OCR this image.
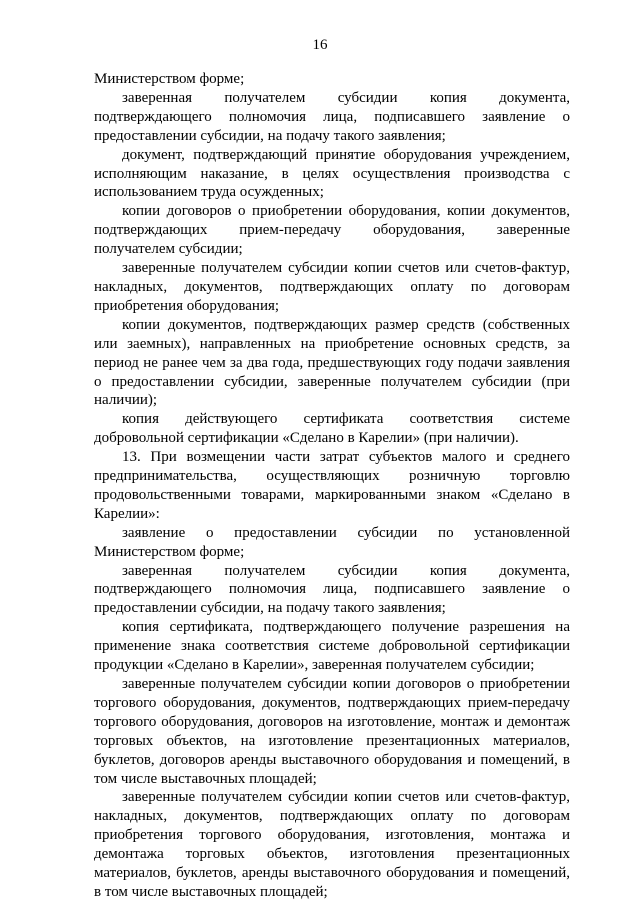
16

Министерством форме;

заверенная получателем субсидии копия документа, подтверждающего полномочия лица, подписавшего заявление о предоставлении субсидии, на подачу такого заявления;

документ, подтверждающий принятие оборудования учреждением, исполняющим наказание, в целях осуществления производства с использованием труда осужденных;

копии договоров о приобретении оборудования, копии документов, подтверждающих прием-передачу оборудования, заверенные получателем субсидии;

заверенные получателем субсидии копии счетов или счетов-фактур, накладных, документов, подтверждающих оплату по договорам приобретения оборудования;

копии документов, подтверждающих размер средств (собственных или заемных), направленных на приобретение основных средств, за период не ранее чем за два года, предшествующих году подачи заявления о предоставлении субсидии, заверенные получателем субсидии (при наличии);

копия действующего сертификата соответствия системе добровольной сертификации «Сделано в Карелии» (при наличии).

13. При возмещении части затрат субъектов малого и среднего предпринимательства, осуществляющих розничную торговлю продовольственными товарами, маркированными знаком «Сделано в Карелии»:

заявление о предоставлении субсидии по установленной Министерством форме;

заверенная получателем субсидии копия документа, подтверждающего полномочия лица, подписавшего заявление о предоставлении субсидии, на подачу такого заявления;

копия сертификата, подтверждающего получение разрешения на применение знака соответствия системе добровольной сертификации продукции «Сделано в Карелии», заверенная получателем субсидии;

заверенные получателем субсидии копии договоров о приобретении торгового оборудования, документов, подтверждающих прием-передачу торгового оборудования, договоров на изготовление, монтаж и демонтаж торговых объектов, на изготовление презентационных материалов, буклетов, договоров аренды выставочного оборудования и помещений, в том числе выставочных площадей;

заверенные получателем субсидии копии счетов или счетов-фактур, накладных, документов, подтверждающих оплату по договорам приобретения торгового оборудования, изготовления, монтажа и демонтажа торговых объектов, изготовления презентационных материалов, буклетов, аренды выставочного оборудования и помещений, в том числе выставочных площадей;
